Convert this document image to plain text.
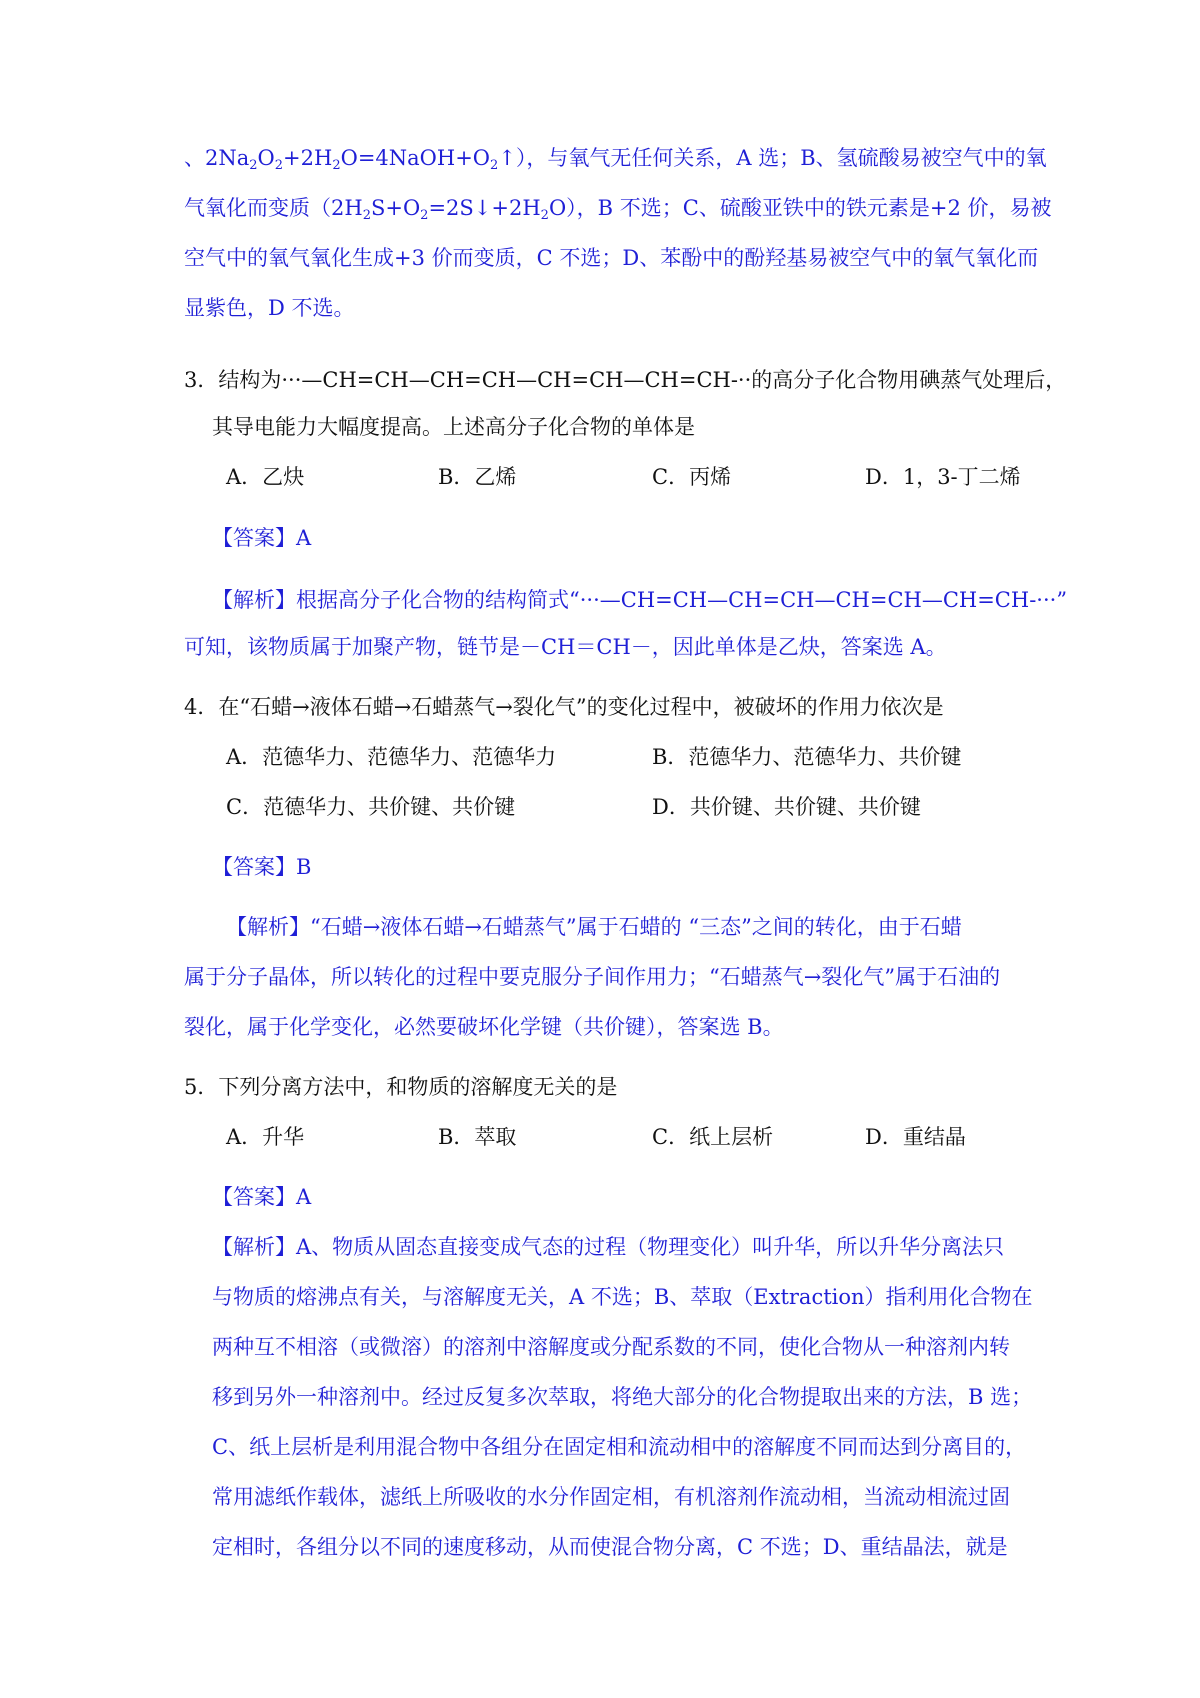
、$2Na_2O_2+2H_2O=4NaOH+O_2↑$），与氧气无任何关系，A 选；B、氢硫酸易被空气中的氧
气氧化而变质$(2H_2S+O_2=2S↓+2H_2O)$，B 不选；C、硫酸亚铁中的铁元素是+2 价，易被
空气中的氧气氧化生成+3 价而变质，C 不选；D、苯酚中的酚羟基易被空气中的氧气氧化而
显紫色，D 不选。
3．结构为···—CH=CH—CH=CH—CH=CH—CH=CH-··的高分子化合物用碘蒸气处理后，
其导电能力大幅度提高。上述高分子化合物的单体是
A．乙炔	B．乙烯	C．丙烯	D．1，3-丁二烯
【答案】A
【解析】根据高分子化合物的结构简式“···—CH=CH—CH=CH—CH=CH—CH=CH-···”
可知，该物质属于加聚产物，链节是－CH＝CH－，因此单体是乙炔，答案选 A。
4．在“石蜡→液体石蜡→石蜡蒸气→裂化气”的变化过程中，被破坏的作用力依次是
A．范德华力、范德华力、范德华力	B．范德华力、范德华力、共价键
C．范德华力、共价键、共价键	D．共价键、共价键、共价键
【答案】B
【解析】“石蜡→液体石蜡→石蜡蒸气”属于石蜡的 “三态”之间的转化，由于石蜡
属于分子晶体，所以转化的过程中要克服分子间作用力；“石蜡蒸气→裂化气”属于石油的
裂化，属于化学变化，必然要破坏化学键（共价键），答案选 B。
5．下列分离方法中，和物质的溶解度无关的是
A．升华	B．萃取	C．纸上层析	D．重结晶
【答案】A
【解析】A、物质从固态直接变成气态的过程（物理变化）叫升华，所以升华分离法只
与物质的熔沸点有关，与溶解度无关，A 不选；B、萃取（Extraction）指利用化合物在
两种互不相溶（或微溶）的溶剂中溶解度或分配系数的不同，使化合物从一种溶剂内转
移到另外一种溶剂中。经过反复多次萃取，将绝大部分的化合物提取出来的方法，B 选；
C、纸上层析是利用混合物中各组分在固定相和流动相中的溶解度不同而达到分离目的，
常用滤纸作载体，滤纸上所吸收的水分作固定相，有机溶剂作流动相，当流动相流过固
定相时，各组分以不同的速度移动，从而使混合物分离，C 不选；D、重结晶法，就是
